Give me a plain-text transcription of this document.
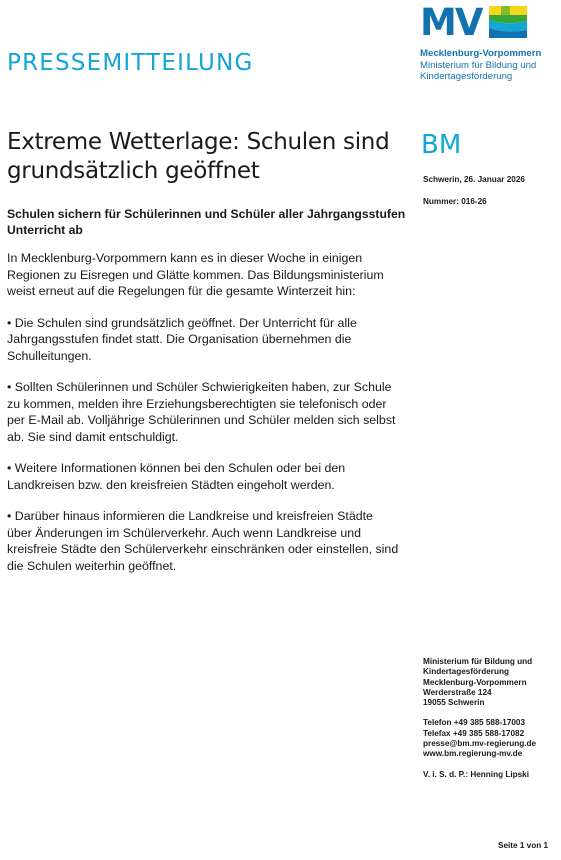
PRESSEMITTEILUNG
MV
Mecklenburg-Vorpommern
Ministerium für Bildung und
Kindertagesförderung
Extreme Wetterlage: Schulen sind grundsätzlich geöffnet
Schulen sichern für Schülerinnen und Schüler aller Jahrgangsstufen Unterricht ab

In Mecklenburg-Vorpommern kann es in dieser Woche in einigen Regionen zu Eisregen und Glätte kommen. Das Bildungsministerium weist erneut auf die Regelungen für die gesamte Winterzeit hin:

• Die Schulen sind grundsätzlich geöffnet. Der Unterricht für alle Jahrgangsstufen findet statt. Die Organisation übernehmen die Schulleitungen.

• Sollten Schülerinnen und Schüler Schwierigkeiten haben, zur Schule zu kommen, melden ihre Erziehungsberechtigten sie telefonisch oder per E-Mail ab. Volljährige Schülerinnen und Schüler melden sich selbst ab. Sie sind damit entschuldigt.

• Weitere Informationen können bei den Schulen oder bei den Landkreisen bzw. den kreisfreien Städten eingeholt werden.

• Darüber hinaus informieren die Landkreise und kreisfreien Städte über Änderungen im Schülerverkehr. Auch wenn Landkreise und kreisfreie Städte den Schülerverkehr einschränken oder einstellen, sind die Schulen weiterhin geöffnet.

BM
Schwerin, 26. Januar 2026
Nummer: 016-26
Ministerium für Bildung und
Kindertagesförderung
Mecklenburg-Vorpommern
Werderstraße 124
19055 Schwerin
Telefon +49 385 588-17003
Telefax +49 385 588-17082
presse@bm.mv-regierung.de
www.bm.regierung-mv.de
V. i. S. d. P.: Henning Lipski
Seite 1 von 1
